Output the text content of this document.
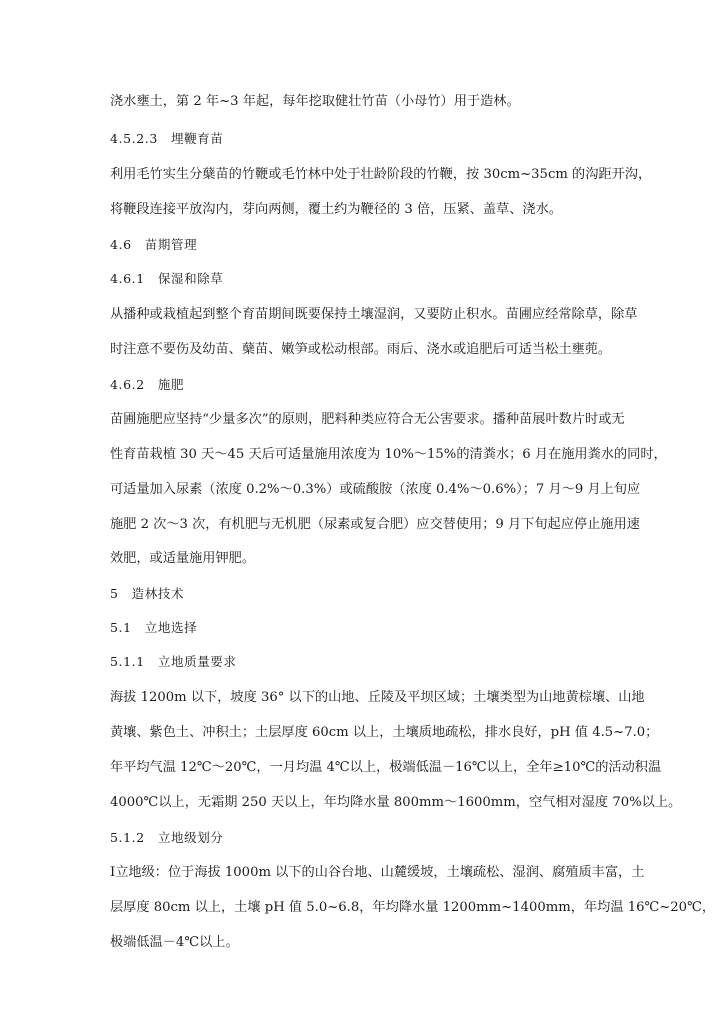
浇水壅土，第 2 年~3 年起，每年挖取健壮竹苗（小母竹）用于造林。

4.5.2.3　埋鞭育苗

利用毛竹实生分蘖苗的竹鞭或毛竹林中处于壮龄阶段的竹鞭，按 30cm~35cm 的沟距开沟，

将鞭段连接平放沟内，芽向两侧，覆土约为鞭径的 3 倍，压紧、盖草、浇水。

4.6　苗期管理

4.6.1　保湿和除草

从播种或栽植起到整个育苗期间既要保持土壤湿润，又要防止积水。苗圃应经常除草，除草

时注意不要伤及幼苗、蘖苗、嫩笋或松动根部。雨后、浇水或追肥后可适当松土壅蔸。

4.6.2　施肥

苗圃施肥应坚持“少量多次”的原则，肥料种类应符合无公害要求。播种苗展叶数片时或无

性育苗栽植 30 天～45 天后可适量施用浓度为 10%～15%的清粪水；6 月在施用粪水的同时，

可适量加入尿素（浓度 0.2%～0.3%）或硫酸胺（浓度 0.4%～0.6%）；7 月～9 月上旬应

施肥 2 次～3 次，有机肥与无机肥（尿素或复合肥）应交替使用；9 月下旬起应停止施用速

效肥，或适量施用钾肥。

5　造林技术

5.1　立地选择

5.1.1　立地质量要求

海拔 1200m 以下，坡度 36° 以下的山地、丘陵及平坝区域；土壤类型为山地黄棕壤、山地

黄壤、紫色土、冲积土；土层厚度 60cm 以上，土壤质地疏松，排水良好，pH 值 4.5~7.0；

年平均气温 12℃～20℃，一月均温 4℃以上，极端低温－16℃以上，全年≥10℃的活动积温

4000℃以上，无霜期 250 天以上，年均降水量 800mm～1600mm，空气相对湿度 70%以上。

5.1.2　立地级划分

Ⅰ立地级：位于海拔 1000m 以下的山谷台地、山麓缓坡，土壤疏松、湿润、腐殖质丰富，土

层厚度 80cm 以上，土壤 pH 值 5.0~6.8，年均降水量 1200mm~1400mm，年均温 16℃~20℃，

极端低温－4℃以上。
